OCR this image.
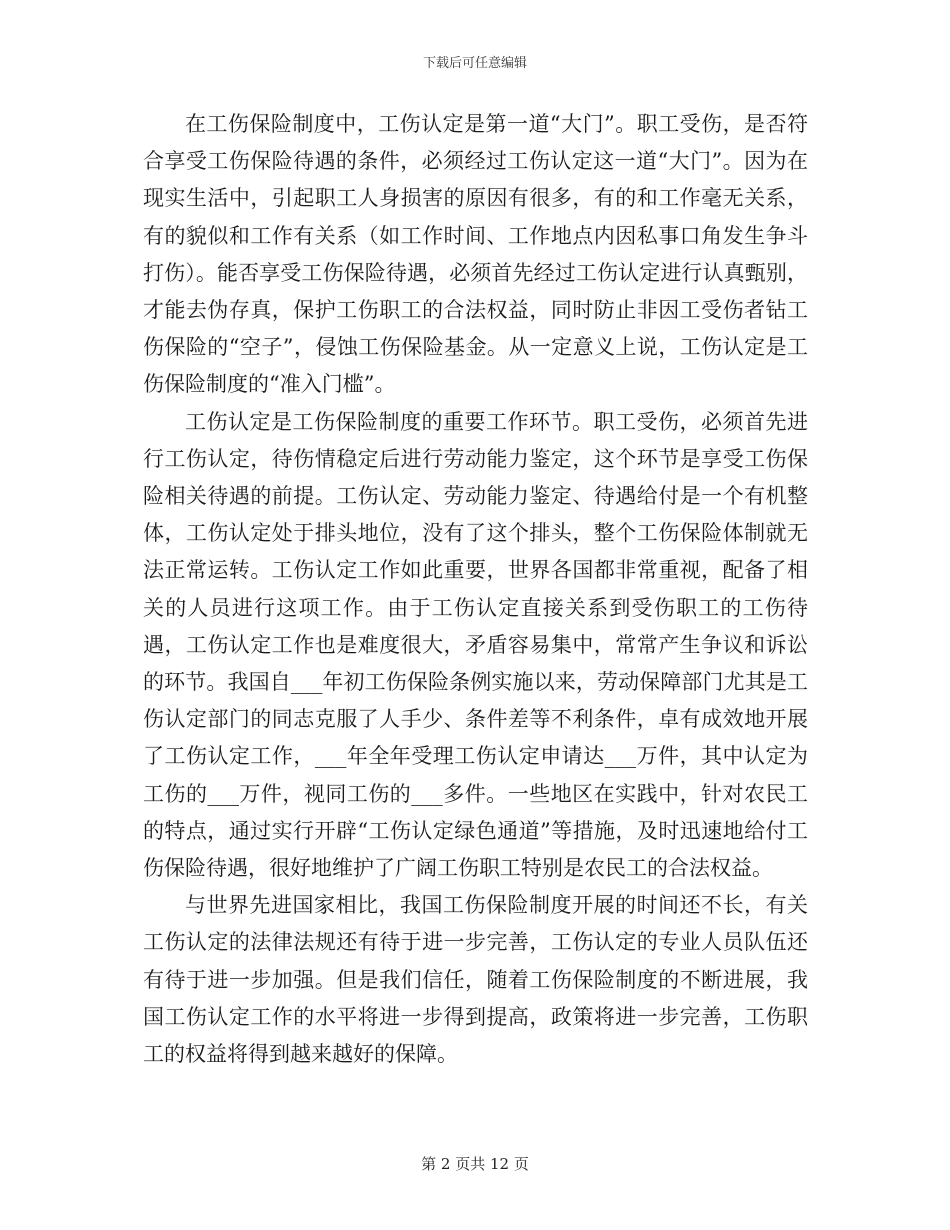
下载后可任意编辑

在工伤保险制度中，工伤认定是第一道“大门”。职工受伤，是否符合享受工伤保险待遇的条件，必须经过工伤认定这一道“大门”。因为在现实生活中，引起职工人身损害的原因有很多，有的和工作毫无关系，有的貌似和工作有关系（如工作时间、工作地点内因私事口角发生争斗打伤）。能否享受工伤保险待遇，必须首先经过工伤认定进行认真甄别，才能去伪存真，保护工伤职工的合法权益，同时防止非因工受伤者钻工伤保险的“空子”，侵蚀工伤保险基金。从一定意义上说，工伤认定是工伤保险制度的“准入门槛”。

工伤认定是工伤保险制度的重要工作环节。职工受伤，必须首先进行工伤认定，待伤情稳定后进行劳动能力鉴定，这个环节是享受工伤保险相关待遇的前提。工伤认定、劳动能力鉴定、待遇给付是一个有机整体，工伤认定处于排头地位，没有了这个排头，整个工伤保险体制就无法正常运转。工伤认定工作如此重要，世界各国都非常重视，配备了相关的人员进行这项工作。由于工伤认定直接关系到受伤职工的工伤待遇，工伤认定工作也是难度很大，矛盾容易集中，常常产生争议和诉讼的环节。我国自___年初工伤保险条例实施以来，劳动保障部门尤其是工伤认定部门的同志克服了人手少、条件差等不利条件，卓有成效地开展了工伤认定工作，___年全年受理工伤认定申请达___万件，其中认定为工伤的___万件，视同工伤的___多件。一些地区在实践中，针对农民工的特点，通过实行开辟“工伤认定绿色通道”等措施，及时迅速地给付工伤保险待遇，很好地维护了广阔工伤职工特别是农民工的合法权益。

与世界先进国家相比，我国工伤保险制度开展的时间还不长，有关工伤认定的法律法规还有待于进一步完善，工伤认定的专业人员队伍还有待于进一步加强。但是我们信任，随着工伤保险制度的不断进展，我国工伤认定工作的水平将进一步得到提高，政策将进一步完善，工伤职工的权益将得到越来越好的保障。

第 2 页共 12 页
